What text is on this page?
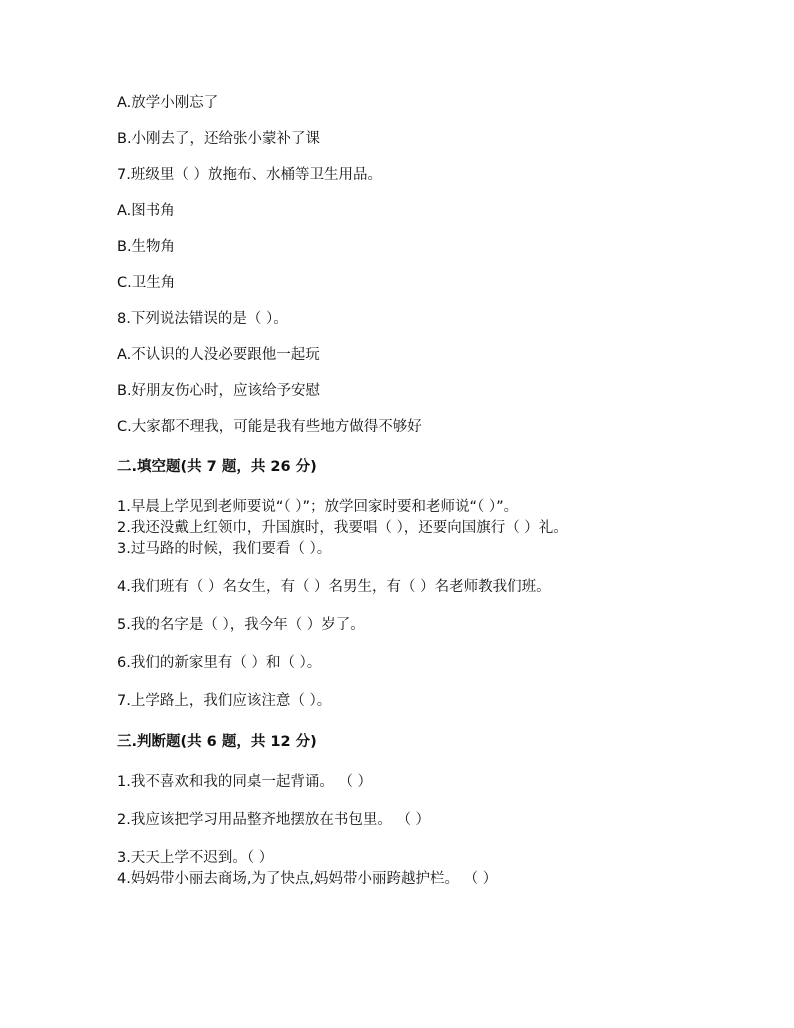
A.放学小刚忘了
B.小刚去了，还给张小蒙补了课
7.班级里（ ）放拖布、水桶等卫生用品。
A.图书角
B.生物角
C.卫生角
8.下列说法错误的是（ ）。
A.不认识的人没必要跟他一起玩
B.好朋友伤心时，应该给予安慰
C.大家都不理我，可能是我有些地方做得不够好
二.填空题(共 7 题，共 26 分)
1.早晨上学见到老师要说“（ ）”；放学回家时要和老师说“（ ）”。
2.我还没戴上红领巾，升国旗时，我要唱（ ），还要向国旗行（ ）礼。
3.过马路的时候，我们要看（ ）。
4.我们班有（ ）名女生，有（ ）名男生，有（ ）名老师教我们班。
5.我的名字是（ ），我今年（ ）岁了。
6.我们的新家里有（ ）和（ ）。
7.上学路上，我们应该注意（ ）。
三.判断题(共 6 题，共 12 分)
1.我不喜欢和我的同桌一起背诵。 （ ）
2.我应该把学习用品整齐地摆放在书包里。 （ ）
3.天天上学不迟到。（ ）
4.妈妈带小丽去商场,为了快点,妈妈带小丽跨越护栏。 （ ）
